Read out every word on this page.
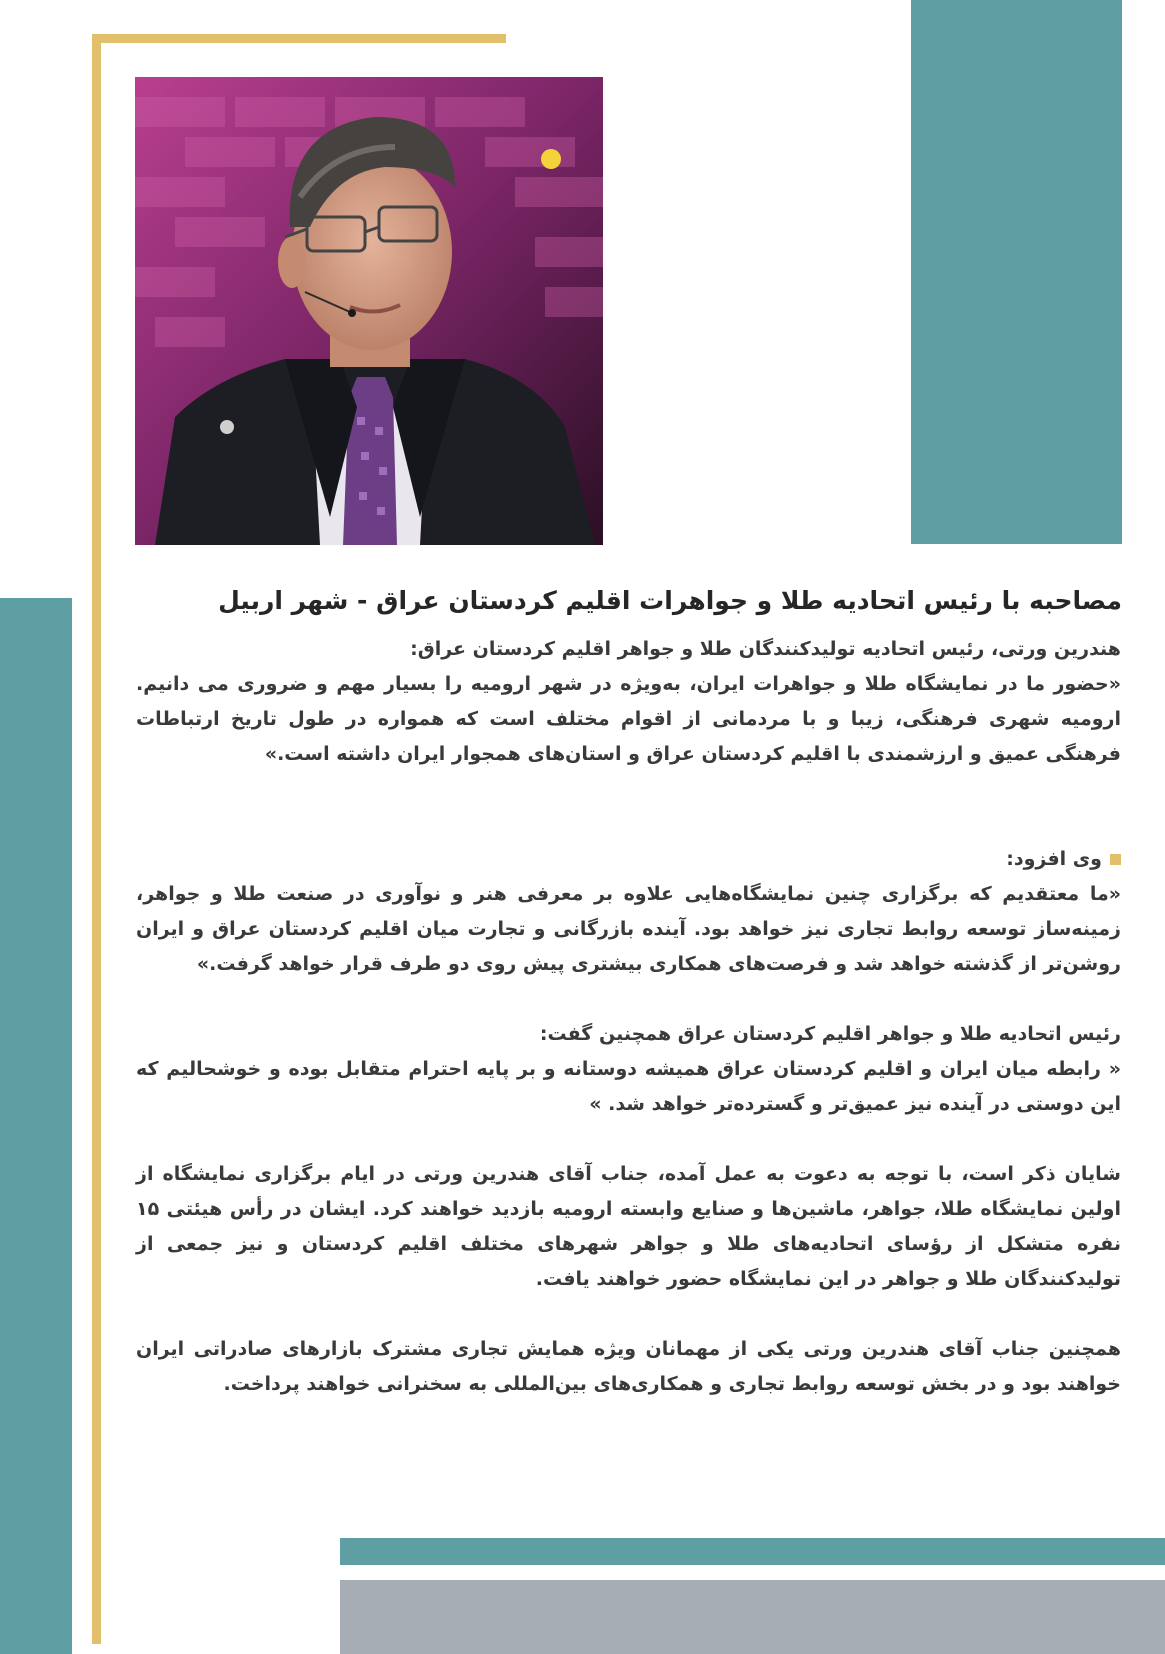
مصاحبه با رئیس اتحادیه طلا و جواهرات اقلیم کردستان عراق - شهر اربیل

هندرین ورتی، رئیس اتحادیه تولیدکنندگان طلا و جواهر اقلیم کردستان عراق:

«حضور ما در نمایشگاه طلا و جواهرات ایران، به‌ویژه در شهر ارومیه را بسیار مهم و ضروری می دانیم. ارومیه شهری فرهنگی، زیبا و با مردمانی از اقوام مختلف است که همواره در طول تاریخ ارتباطات فرهنگی عمیق و ارزشمندی با اقلیم کردستان عراق و استان‌های همجوار ایران داشته است.»

وی افزود:

«ما معتقدیم که برگزاری چنین نمایشگاه‌هایی علاوه بر معرفی هنر و نوآوری در صنعت طلا و جواهر، زمینه‌ساز توسعه روابط تجاری نیز خواهد بود. آینده بازرگانی و تجارت میان اقلیم کردستان عراق و ایران روشن‌تر از گذشته خواهد شد و فرصت‌های همکاری بیشتری پیش روی دو طرف قرار خواهد گرفت.»

رئیس اتحادیه طلا و جواهر اقلیم کردستان عراق همچنین گفت:

« رابطه میان ایران و اقلیم کردستان عراق همیشه دوستانه و بر پایه احترام متقابل بوده و خوشحالیم که این دوستی در آینده نیز عمیق‌تر و گسترده‌تر خواهد شد. »

شایان ذکر است، با توجه به دعوت به عمل آمده، جناب آقای هندرین ورتی در ایام برگزاری نمایشگاه از اولین نمایشگاه طلا، جواهر، ماشین‌ها و صنایع وابسته ارومیه بازدید خواهند کرد. ایشان در رأس هیئتی ۱۵ نفره متشکل از رؤسای اتحادیه‌های طلا و جواهر شهرهای مختلف اقلیم کردستان و نیز جمعی از تولیدکنندگان طلا و جواهر در این نمایشگاه حضور خواهند یافت.

همچنین جناب آقای هندرین ورتی یکی از مهمانان ویژه همایش تجاری مشترک بازارهای صادراتی ایران خواهند بود و در بخش توسعه روابط تجاری و همکاری‌های بین‌المللی به سخنرانی خواهند پرداخت.
